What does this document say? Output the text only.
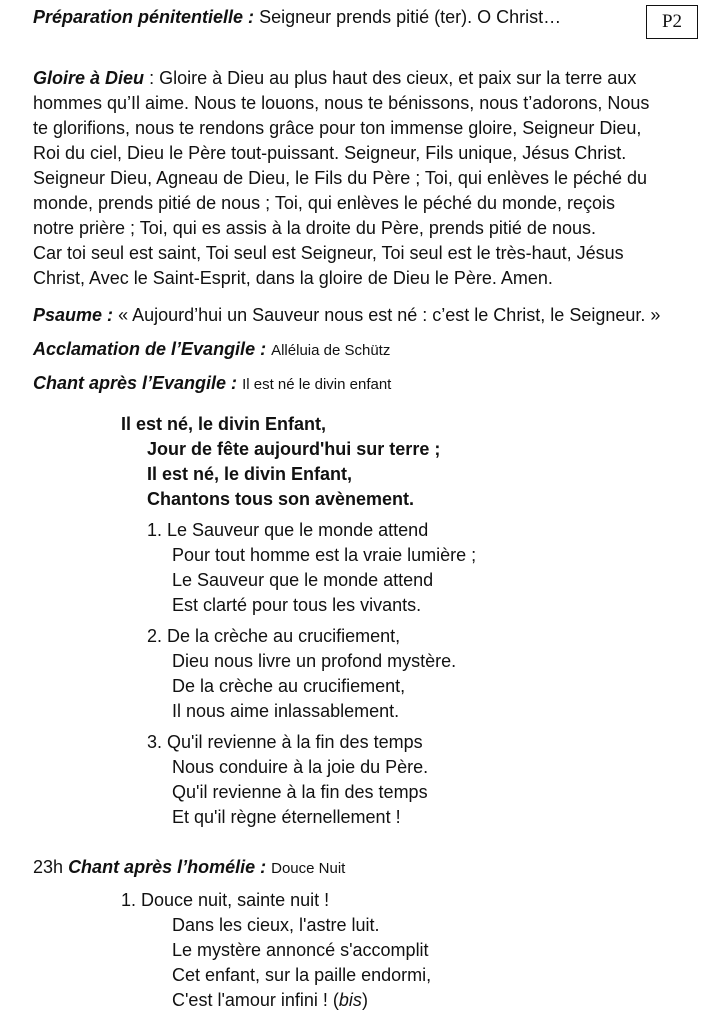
P2
Préparation pénitentielle : Seigneur prends pitié (ter). O Christ…
Gloire à Dieu : Gloire à Dieu au plus haut des cieux, et paix sur la terre aux
hommes qu’Il aime. Nous te louons, nous te bénissons, nous t’adorons, Nous
te glorifions, nous te rendons grâce pour ton immense gloire, Seigneur Dieu,
Roi du ciel, Dieu le Père tout-puissant. Seigneur, Fils unique, Jésus Christ.
Seigneur Dieu, Agneau de Dieu, le Fils du Père ; Toi, qui enlèves le péché du
monde, prends pitié de nous ; Toi, qui enlèves le péché du monde, reçois
notre prière ; Toi, qui es assis à la droite du Père, prends pitié de nous.
Car toi seul est saint, Toi seul est Seigneur, Toi seul est le très-haut, Jésus
Christ, Avec le Saint-Esprit, dans la gloire de Dieu le Père. Amen.
Psaume : « Aujourd’hui un Sauveur nous est né : c’est le Christ, le Seigneur. »
Acclamation de l’Evangile : Alléluia de Schütz
Chant après l’Evangile : Il est né le divin enfant
Il est né, le divin Enfant,
Jour de fête aujourd'hui sur terre ;
Il est né, le divin Enfant,
Chantons tous son avènement.
1. Le Sauveur que le monde attend
Pour tout homme est la vraie lumière ;
Le Sauveur que le monde attend
Est clarté pour tous les vivants.
2. De la crèche au crucifiement,
Dieu nous livre un profond mystère.
De la crèche au crucifiement,
Il nous aime inlassablement.
3. Qu'il revienne à la fin des temps
Nous conduire à la joie du Père.
Qu'il revienne à la fin des temps
Et qu'il règne éternellement !
23h Chant après l’homélie : Douce Nuit
1. Douce nuit, sainte nuit !
Dans les cieux, l'astre luit.
Le mystère annoncé s'accomplit
Cet enfant, sur la paille endormi,
C'est l'amour infini ! (bis)
